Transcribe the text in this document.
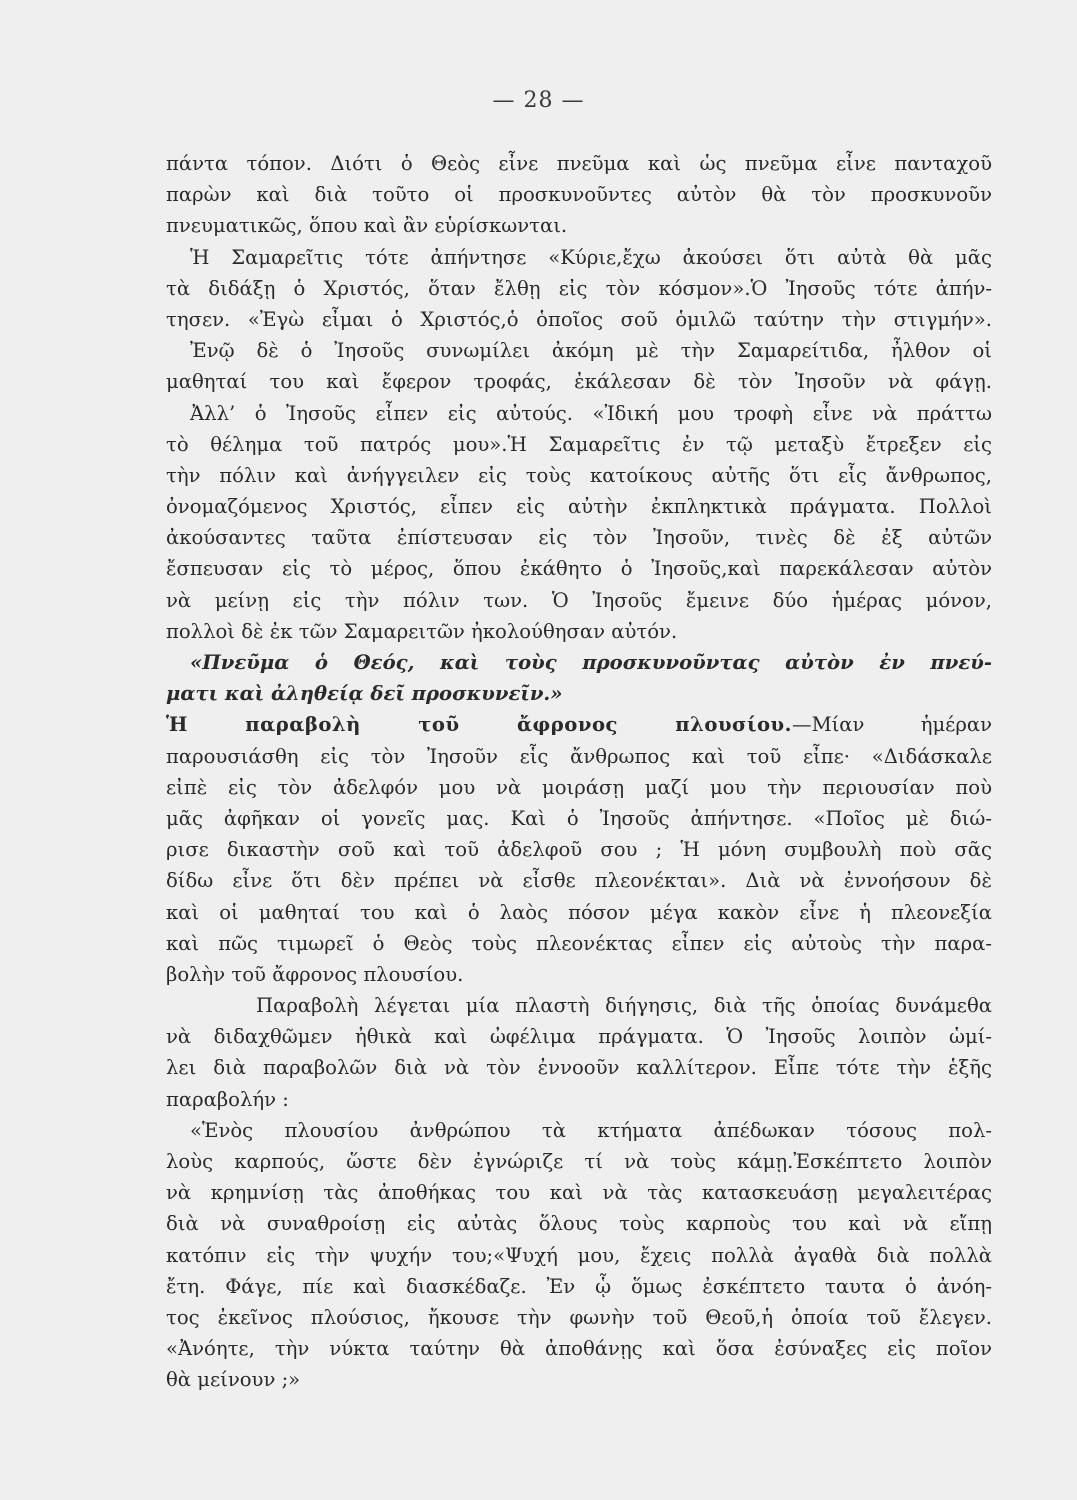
— 28 —
πάντα τόπον. Διότι ὁ Θεὸς εἶνε πνεῦμα καὶ ὡς πνεῦμα εἶνε πανταχοῦ
παρὼν καὶ διὰ τοῦτο οἱ προσκυνοῦντες αὐτὸν θὰ τὸν προσκυνοῦν
πνευματικῶς, ὅπου καὶ ἂν εὑρίσκωνται.
Ἡ Σαμαρεῖτις τότε ἀπήντησε «Κύριε,ἔχω ἀκούσει ὅτι αὐτὰ θὰ μᾶς
τὰ διδάξῃ ὁ Χριστός, ὅταν ἔλθῃ εἰς τὸν κόσμον».Ὁ Ἰησοῦς τότε ἀπήν-
τησεν. «Ἐγὼ εἶμαι ὁ Χριστός,ὁ ὁποῖος σοῦ ὁμιλῶ ταύτην τὴν στιγμήν».
Ἐνῷ δὲ ὁ Ἰησοῦς συνωμίλει ἀκόμη μὲ τὴν Σαμαρείτιδα, ἦλθον οἱ
μαθηταί του καὶ ἔφερον τροφάς, ἐκάλεσαν δὲ τὸν Ἰησοῦν νὰ φάγῃ.
Ἀλλ’ ὁ Ἰησοῦς εἶπεν εἰς αὐτούς. «Ἰδική μου τροφὴ εἶνε νὰ πράττω
τὸ θέλημα τοῦ πατρός μου».Ἡ Σαμαρεῖτις ἐν τῷ μεταξὺ ἔτρεξεν εἰς
τὴν πόλιν καὶ ἀνήγγειλεν εἰς τοὺς κατοίκους αὐτῆς ὅτι εἷς ἄνθρωπος,
ὀνομαζόμενος Χριστός, εἶπεν εἰς αὐτὴν ἐκπληκτικὰ πράγματα. Πολλοὶ
ἀκούσαντες ταῦτα ἐπίστευσαν εἰς τὸν Ἰησοῦν, τινὲς δὲ ἐξ αὐτῶν
ἔσπευσαν εἰς τὸ μέρος, ὅπου ἐκάθητο ὁ Ἰησοῦς,καὶ παρεκάλεσαν αὐτὸν
νὰ μείνῃ εἰς τὴν πόλιν των. Ὁ Ἰησοῦς ἔμεινε δύο ἡμέρας μόνον,
πολλοὶ δὲ ἐκ τῶν Σαμαρειτῶν ἠκολούθησαν αὐτόν.
«Πνεῦμα ὁ Θεός, καὶ τοὺς προσκυνοῦντας αὐτὸν ἐν πνεύ-
ματι καὶ ἀληθείᾳ δεῖ προσκυνεῖν.»
Ἡ παραβολὴ τοῦ ἄφρονος πλουσίου.—Μίαν ἡμέραν
παρουσιάσθη εἰς τὸν Ἰησοῦν εἷς ἄνθρωπος καὶ τοῦ εἶπε· «Διδάσκαλε
εἰπὲ εἰς τὸν ἀδελφόν μου νὰ μοιράσῃ μαζί μου τὴν περιουσίαν ποὺ
μᾶς ἀφῆκαν οἱ γονεῖς μας. Καὶ ὁ Ἰησοῦς ἀπήντησε. «Ποῖος μὲ διώ-
ρισε δικαστὴν σοῦ καὶ τοῦ ἀδελφοῦ σου ; Ἡ μόνη συμβουλὴ ποὺ σᾶς
δίδω εἶνε ὅτι δὲν πρέπει νὰ εἶσθε πλεονέκται». Διὰ νὰ ἐννοήσουν δὲ
καὶ οἱ μαθηταί του καὶ ὁ λαὸς πόσον μέγα κακὸν εἶνε ἡ πλεονεξία
καὶ πῶς τιμωρεῖ ὁ Θεὸς τοὺς πλεονέκτας εἶπεν εἰς αὐτοὺς τὴν παρα-
βολὴν τοῦ ἄφρονος πλουσίου.
Παραβολὴ λέγεται μία πλαστὴ διήγησις, διὰ τῆς ὁποίας δυνάμεθα
νὰ διδαχθῶμεν ἠθικὰ καὶ ὠφέλιμα πράγματα. Ὁ Ἰησοῦς λοιπὸν ὡμί-
λει διὰ παραβολῶν διὰ νὰ τὸν ἐννοοῦν καλλίτερον. Εἶπε τότε τὴν ἑξῆς
παραβολήν :
«Ἑνὸς πλουσίου ἀνθρώπου τὰ κτήματα ἀπέδωκαν τόσους πολ-
λοὺς καρπούς, ὥστε δὲν ἐγνώριζε τί νὰ τοὺς κάμῃ.Ἐσκέπτετο λοιπὸν
νὰ κρημνίσῃ τὰς ἀποθήκας του καὶ νὰ τὰς κατασκευάσῃ μεγαλειτέρας
διὰ νὰ συναθροίσῃ εἰς αὐτὰς ὅλους τοὺς καρποὺς του καὶ νὰ εἴπῃ
κατόπιν εἰς τὴν ψυχήν του;«Ψυχή μου, ἔχεις πολλὰ ἀγαθὰ διὰ πολλὰ
ἔτη. Φάγε, πίε καὶ διασκέδαζε. Ἐν ᾧ ὅμως ἐσκέπτετο ταυτα ὁ ἀνόη-
τος ἐκεῖνος πλούσιος, ἤκουσε τὴν φωνὴν τοῦ Θεοῦ,ἡ ὁποία τοῦ ἔλεγεν.
«Ἀνόητε, τὴν νύκτα ταύτην θὰ ἀποθάνῃς καὶ ὅσα ἐσύναξες εἰς ποῖον
θὰ μείνουν ;»
